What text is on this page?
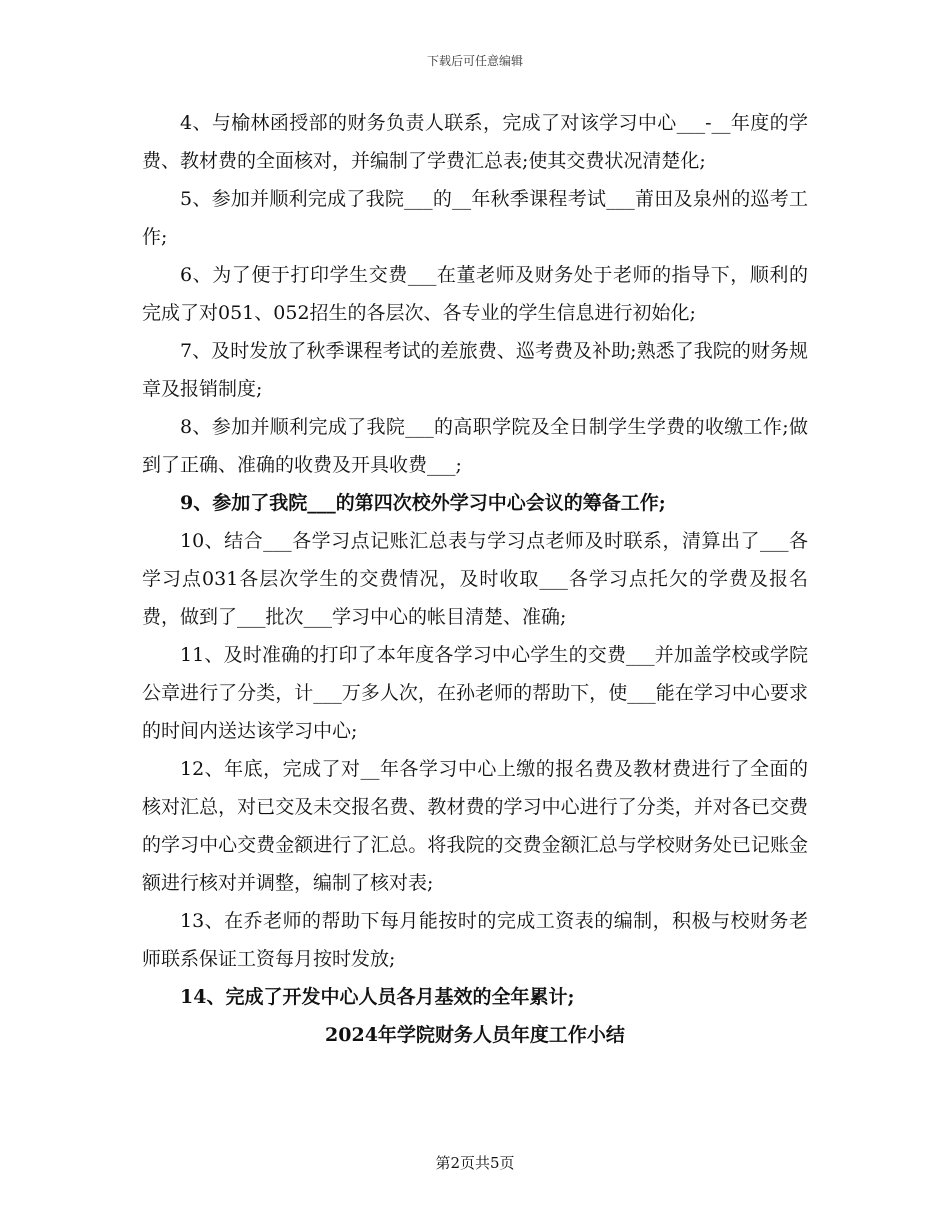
下载后可任意编辑

4、与榆林函授部的财务负责人联系，完成了对该学习中心___-__年度的学费、教材费的全面核对，并编制了学费汇总表;使其交费状况清楚化;

5、参加并顺利完成了我院___的__年秋季课程考试___莆田及泉州的巡考工作;

6、为了便于打印学生交费___在董老师及财务处于老师的指导下，顺利的完成了对051、052招生的各层次、各专业的学生信息进行初始化;

7、及时发放了秋季课程考试的差旅费、巡考费及补助;熟悉了我院的财务规章及报销制度;

8、参加并顺利完成了我院___的高职学院及全日制学生学费的收缴工作;做到了正确、准确的收费及开具收费___;

9、参加了我院___的第四次校外学习中心会议的筹备工作;

10、结合___各学习点记账汇总表与学习点老师及时联系，清算出了___各学习点031各层次学生的交费情况，及时收取___各学习点托欠的学费及报名费，做到了___批次___学习中心的帐目清楚、准确;

11、及时准确的打印了本年度各学习中心学生的交费___并加盖学校或学院公章进行了分类，计___万多人次，在孙老师的帮助下，使___能在学习中心要求的时间内送达该学习中心;

12、年底，完成了对__年各学习中心上缴的报名费及教材费进行了全面的核对汇总，对已交及未交报名费、教材费的学习中心进行了分类，并对各已交费的学习中心交费金额进行了汇总。将我院的交费金额汇总与学校财务处已记账金额进行核对并调整，编制了核对表;

13、在乔老师的帮助下每月能按时的完成工资表的编制，积极与校财务老师联系保证工资每月按时发放;

14、完成了开发中心人员各月基效的全年累计;

2024年学院财务人员年度工作小结

第2页共5页
